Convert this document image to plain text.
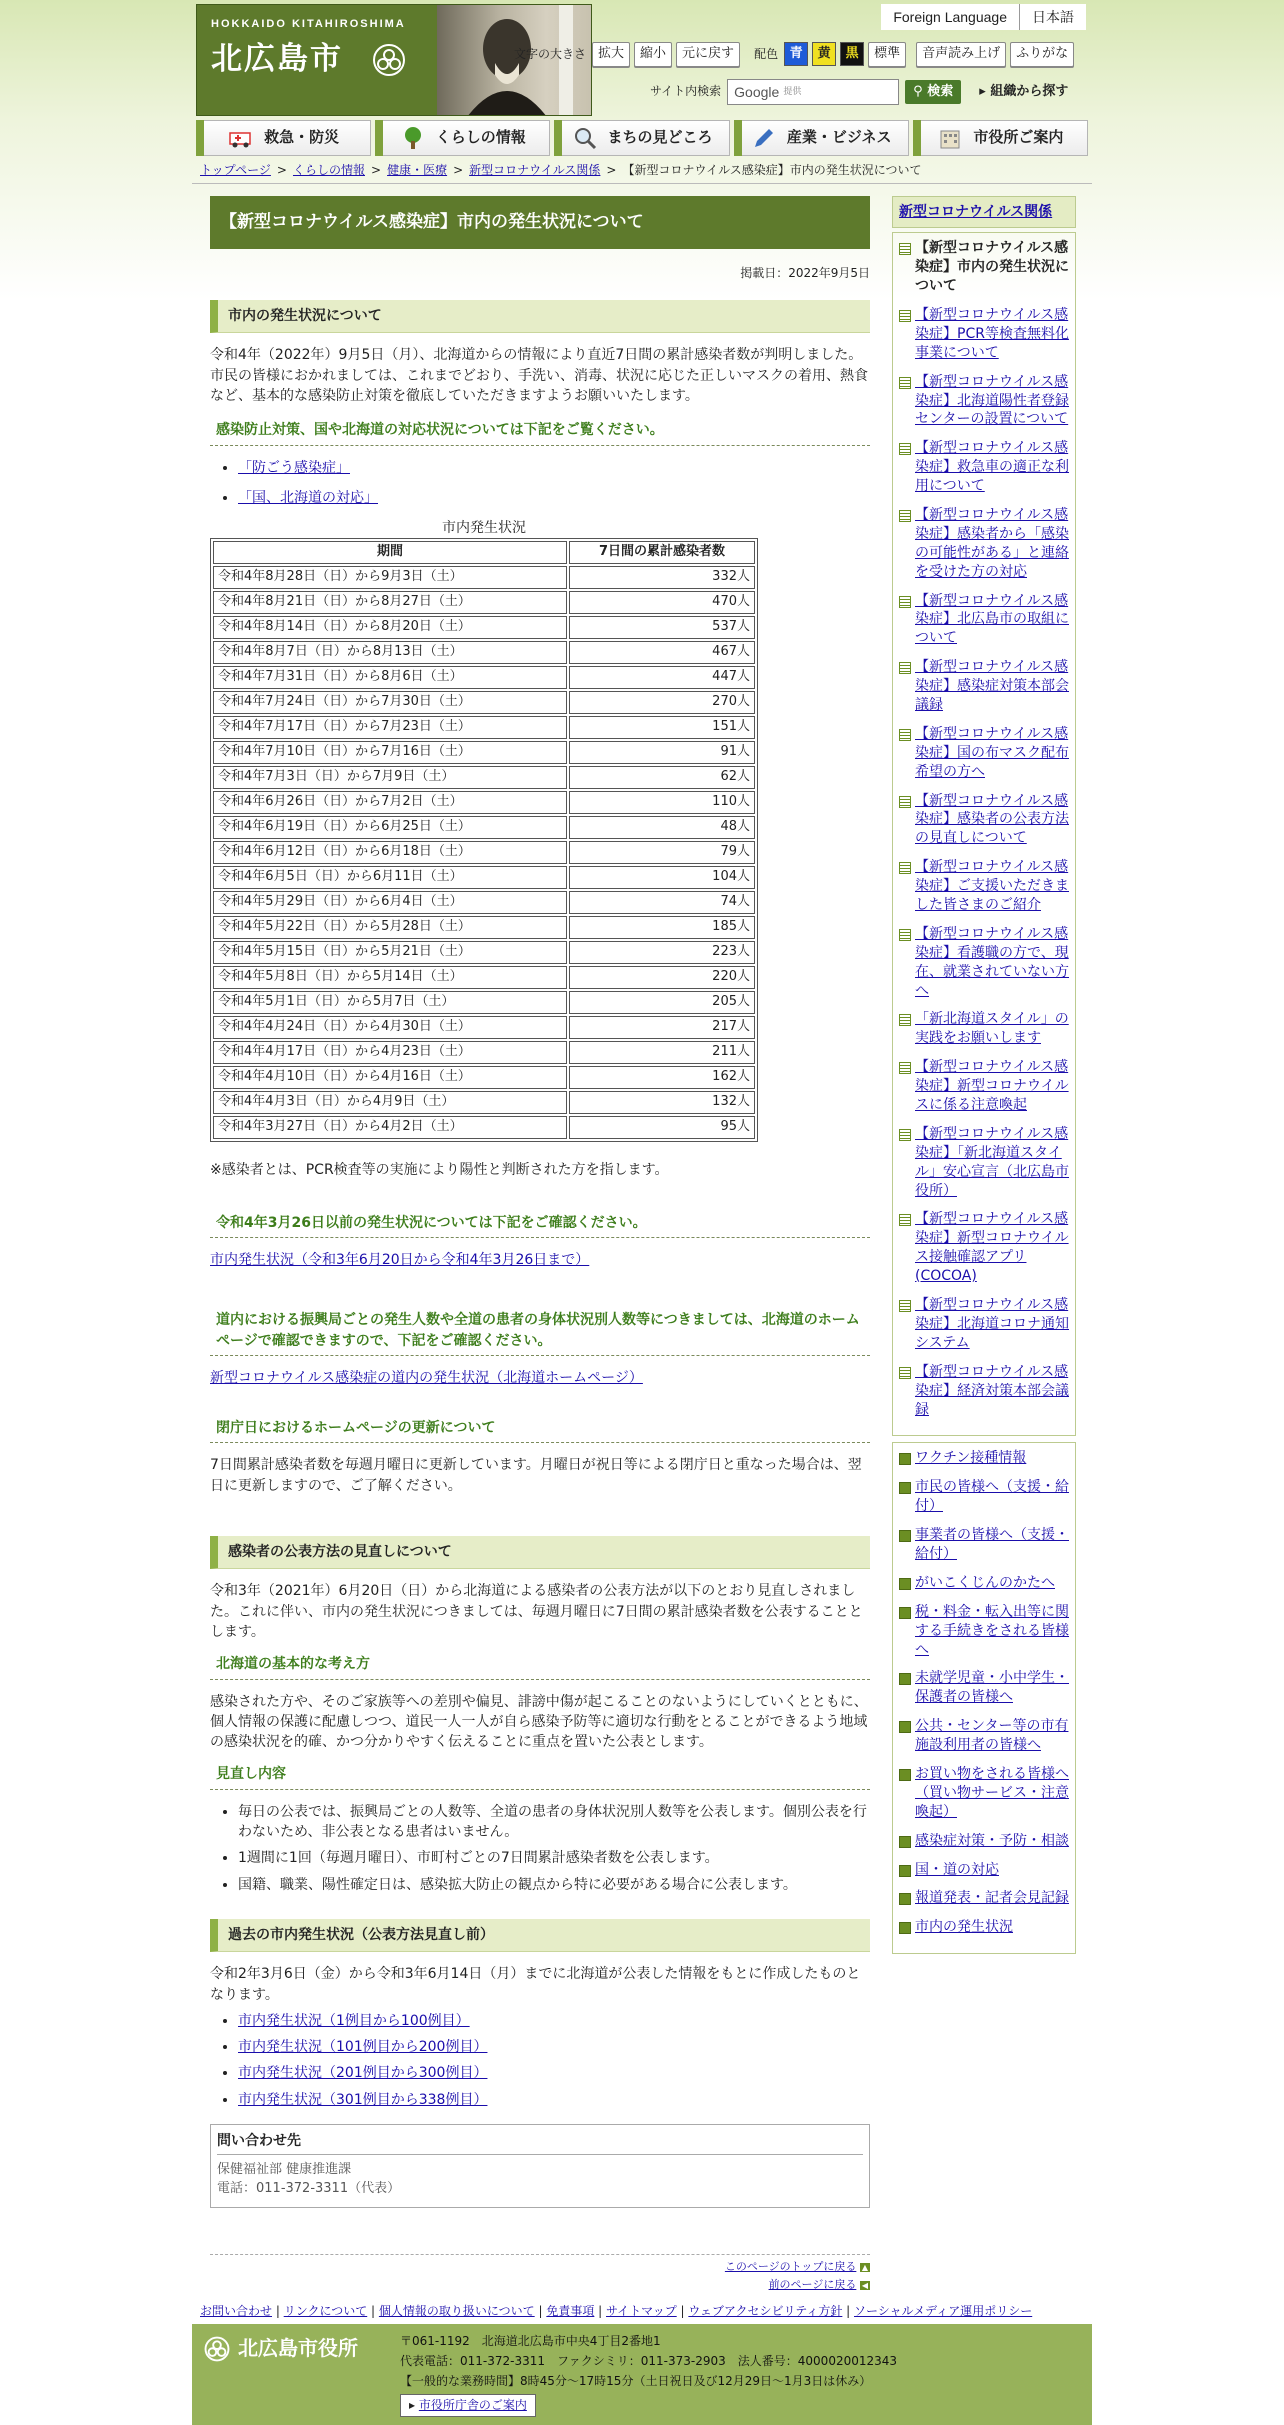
HOKKAIDO KITAHIROSHIMA
北広島市
Foreign Language	日本語
文字の大きさ 拡大	縮小	元に戻す	配色 青	黄	黒	標準	音声読み上げ	ふりがな
サイト内検索 Google 提供	⚲ 検索	▸ 組織から探す
救急・防災	くらしの情報	まちの見どころ	産業・ビジネス	市役所ご案内
トップページ > くらしの情報 > 健康・医療 > 新型コロナウイルス関係 > 【新型コロナウイルス感染症】市内の発生状況について
【新型コロナウイルス感染症】市内の発生状況について
掲載日：2022年9月5日
市内の発生状況について

令和4年（2022年）9月5日（月）、北海道からの情報により直近7日間の累計感染者数が判明しました。

市民の皆様におかれましては、これまでどおり、手洗い、消毒、状況に応じた正しいマスクの着用、熱食など、基本的な感染防止対策を徹底していただきますようお願いいたします。

感染防止対策、国や北海道の対応状況については下記をご覧ください。
• 「防ごう感染症」
• 「国、北海道の対応」
市内発生状況
期間	7日間の累計感染者数
令和4年8月28日（日）から9月3日（土）	332人
令和4年8月21日（日）から8月27日（土）	470人
令和4年8月14日（日）から8月20日（土）	537人
令和4年8月7日（日）から8月13日（土）	467人
令和4年7月31日（日）から8月6日（土）	447人
令和4年7月24日（日）から7月30日（土）	270人
令和4年7月17日（日）から7月23日（土）	151人
令和4年7月10日（日）から7月16日（土）	91人
令和4年7月3日（日）から7月9日（土）	62人
令和4年6月26日（日）から7月2日（土）	110人
令和4年6月19日（日）から6月25日（土）	48人
令和4年6月12日（日）から6月18日（土）	79人
令和4年6月5日（日）から6月11日（土）	104人
令和4年5月29日（日）から6月4日（土）	74人
令和4年5月22日（日）から5月28日（土）	185人
令和4年5月15日（日）から5月21日（土）	223人
令和4年5月8日（日）から5月14日（土）	220人
令和4年5月1日（日）から5月7日（土）	205人
令和4年4月24日（日）から4月30日（土）	217人
令和4年4月17日（日）から4月23日（土）	211人
令和4年4月10日（日）から4月16日（土）	162人
令和4年4月3日（日）から4月9日（土）	132人
令和4年3月27日（日）から4月2日（土）	95人

※感染者とは、PCR検査等の実施により陽性と判断された方を指します。

令和4年3月26日以前の発生状況については下記をご確認ください。

市内発生状況（令和3年6月20日から令和4年3月26日まで）

道内における振興局ごとの発生人数や全道の患者の身体状況別人数等につきましては、北海道のホームページで確認できますので、下記をご確認ください。

新型コロナウイルス感染症の道内の発生状況（北海道ホームページ）

閉庁日におけるホームページの更新について

7日間累計感染者数を毎週月曜日に更新しています。月曜日が祝日等による閉庁日と重なった場合は、翌日に更新しますので、ご了解ください。

感染者の公表方法の見直しについて

令和3年（2021年）6月20日（日）から北海道による感染者の公表方法が以下のとおり見直しされました。これに伴い、市内の発生状況につきましては、毎週月曜日に7日間の累計感染者数を公表することとします。

北海道の基本的な考え方

感染された方や、そのご家族等への差別や偏見、誹謗中傷が起こることのないようにしていくとともに、個人情報の保護に配慮しつつ、道民一人一人が自ら感染予防等に適切な行動をとることができるよう地域の感染状況を的確、かつ分かりやすく伝えることに重点を置いた公表とします。

見直し内容
• 毎日の公表では、振興局ごとの人数等、全道の患者の身体状況別人数等を公表します。個別公表を行わないため、非公表となる患者はいません。
• 1週間に1回（毎週月曜日）、市町村ごとの7日間累計感染者数を公表します。
• 国籍、職業、陽性確定日は、感染拡大防止の観点から特に必要がある場合に公表します。
過去の市内発生状況（公表方法見直し前）

令和2年3月6日（金）から令和3年6月14日（月）までに北海道が公表した情報をもとに作成したものとなります。

• 市内発生状況（1例目から100例目）
• 市内発生状況（101例目から200例目）
• 市内発生状況（201例目から300例目）
• 市内発生状況（301例目から338例目）
問い合わせ先

保健福祉部 健康推進課

電話：011-372-3311（代表）

新型コロナウイルス関係
【新型コロナウイルス感染症】市内の発生状況について
【新型コロナウイルス感染症】PCR等検査無料化事業について
【新型コロナウイルス感染症】北海道陽性者登録センターの設置について
【新型コロナウイルス感染症】救急車の適正な利用について
【新型コロナウイルス感染症】感染者から「感染の可能性がある」と連絡を受けた方の対応
【新型コロナウイルス感染症】北広島市の取組について
【新型コロナウイルス感染症】感染症対策本部会議録
【新型コロナウイルス感染症】国の布マスク配布希望の方へ
【新型コロナウイルス感染症】感染者の公表方法の見直しについて
【新型コロナウイルス感染症】ご支援いただきました皆さまのご紹介
【新型コロナウイルス感染症】看護職の方で、現在、就業されていない方へ
「新北海道スタイル」の実践をお願いします
【新型コロナウイルス感染症】新型コロナウイルスに係る注意喚起
【新型コロナウイルス感染症】「新北海道スタイル」安心宣言（北広島市役所）
【新型コロナウイルス感染症】新型コロナウイルス接触確認アプリ(COCOA)
【新型コロナウイルス感染症】北海道コロナ通知システム
【新型コロナウイルス感染症】経済対策本部会議録
ワクチン接種情報
市民の皆様へ（支援・給付）
事業者の皆様へ（支援・給付）
がいこくじんのかたへ
税・料金・転入出等に関する手続きをされる皆様へ
未就学児童・小中学生・保護者の皆様へ
公共・センター等の市有施設利用者の皆様へ
お買い物をされる皆様へ（買い物サービス・注意喚起）
感染症対策・予防・相談
国・道の対応
報道発表・記者会見記録
市内の発生状況
このページのトップに戻る ▲
前のページに戻る ◀
お問い合わせ | リンクについて | 個人情報の取り扱いについて | 免責事項 | サイトマップ | ウェブアクセシビリティ方針 | ソーシャルメディア運用ポリシー
北広島市役所	〒061-1192　北海道北広島市中央4丁目2番地1
代表電話：011-372-3311　ファクシミリ：011-373-2903　法人番号：4000020012343
【一般的な業務時間】8時45分～17時15分（土日祝日及び12月29日～1月3日は休み）
▸ 市役所庁舎のご案内
